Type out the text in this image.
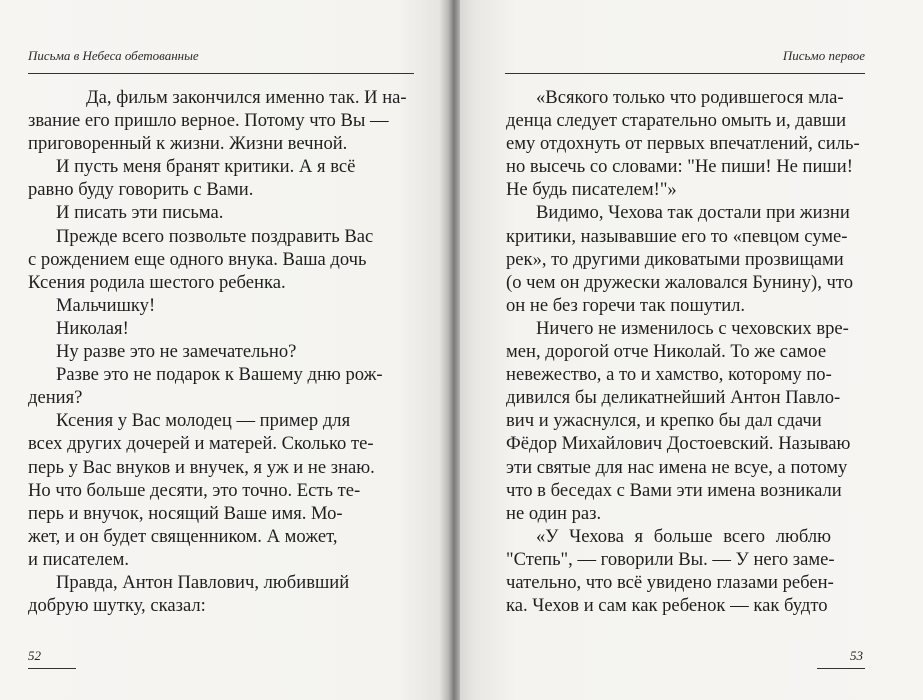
Письма в Небеса обетованные
Да, фильм закончился именно так. И на-
звание его пришло верное. Потому что Вы —
приговоренный к жизни. Жизни вечной.
И пусть меня бранят критики. А я всё
равно буду говорить с Вами.
И писать эти письма.
Прежде всего позвольте поздравить Вас
с рождением еще одного внука. Ваша дочь
Ксения родила шестого ребенка.
Мальчишку!
Николая!
Ну разве это не замечательно?
Разве это не подарок к Вашему дню рож-
дения?
Ксения у Вас молодец — пример для
всех других дочерей и матерей. Сколько те-
перь у Вас внуков и внучек, я уж и не знаю.
Но что больше десяти, это точно. Есть те-
перь и внучок, носящий Ваше имя. Мо-
жет, и он будет священником. А может,
и писателем.
Правда, Антон Павлович, любивший
добрую шутку, сказал:
52
Письмо первое
«Всякого только что родившегося мла-
денца следует старательно омыть и, давши
ему отдохнуть от первых впечатлений, силь-
но высечь со словами: "Не пиши! Не пиши!
Не будь писателем!"»
Видимо, Чехова так достали при жизни
критики, называвшие его то «певцом суме-
рек», то другими диковатыми прозвищами
(о чем он дружески жаловался Бунину), что
он не без горечи так пошутил.
Ничего не изменилось с чеховских вре-
мен, дорогой отче Николай. То же самое
невежество, а то и хамство, которому по-
дивился бы деликатнейший Антон Павло-
вич и ужаснулся, и крепко бы дал сдачи
Фёдор Михайлович Достоевский. Называю
эти святые для нас имена не всуе, а потому
что в беседах с Вами эти имена возникали
не один раз.
«У Чехова я больше всего люблю
"Степь", — говорили Вы. — У него заме-
чательно, что всё увидено глазами ребен-
ка. Чехов и сам как ребенок — как будто
53
